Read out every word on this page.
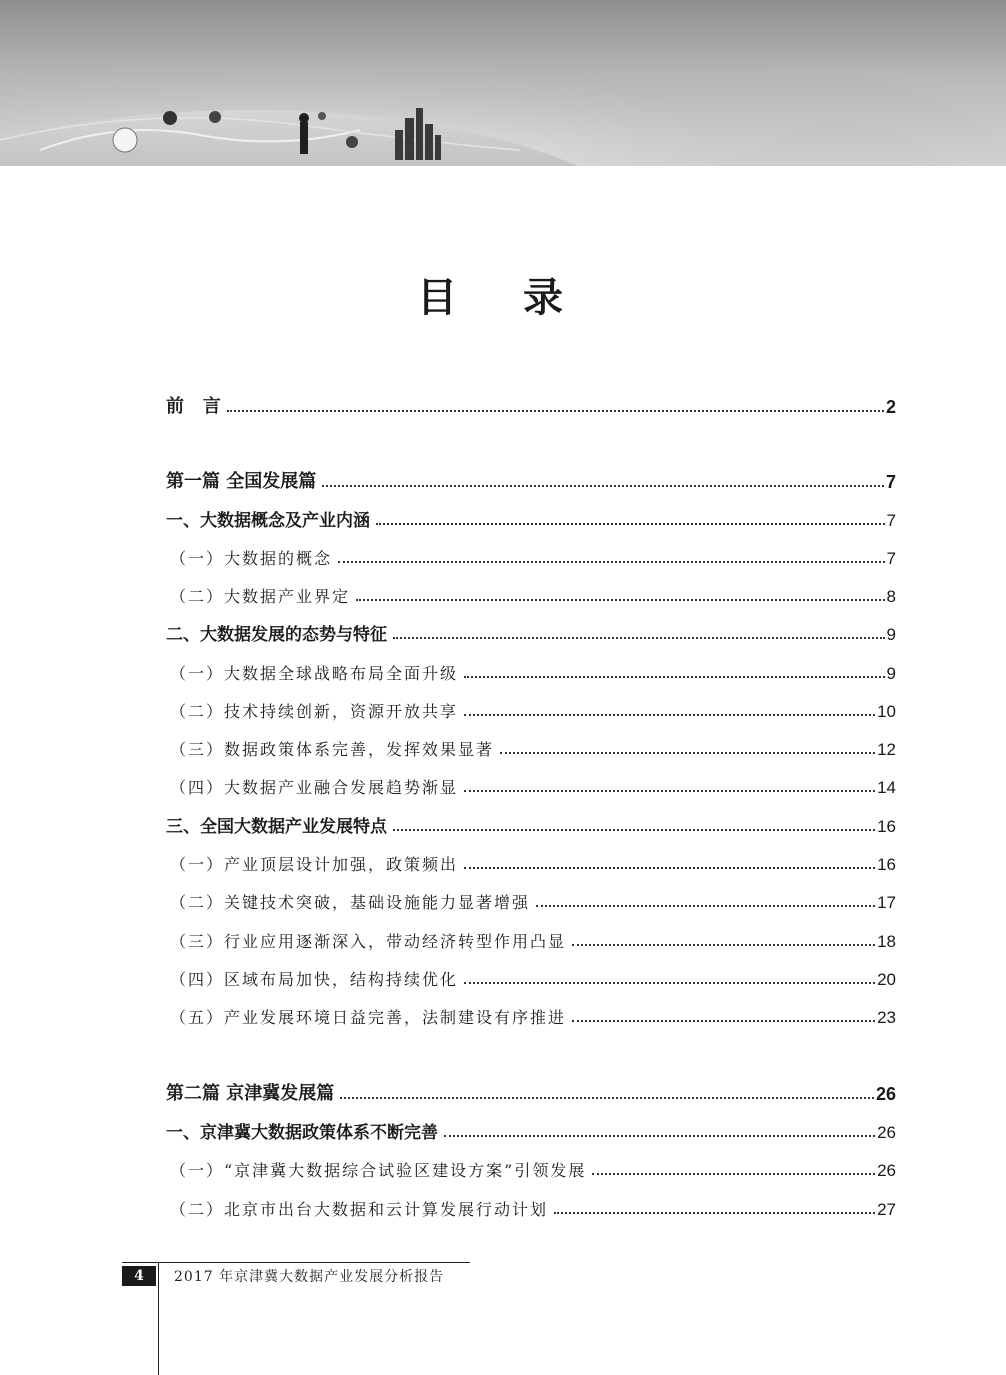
目 录
前   言	2
第一篇 全国发展篇	7
一、大数据概念及产业内涵	7
（一）大数据的概念	7
（二）大数据产业界定	8
二、大数据发展的态势与特征	9
（一）大数据全球战略布局全面升级	9
（二）技术持续创新，资源开放共享	10
（三）数据政策体系完善，发挥效果显著	12
（四）大数据产业融合发展趋势渐显	14
三、全国大数据产业发展特点	16
（一）产业顶层设计加强，政策频出	16
（二）关键技术突破，基础设施能力显著增强	17
（三）行业应用逐渐深入，带动经济转型作用凸显	18
（四）区域布局加快，结构持续优化	20
（五）产业发展环境日益完善，法制建设有序推进	23
第二篇 京津冀发展篇	26
一、京津冀大数据政策体系不断完善	26
（一）“京津冀大数据综合试验区建设方案”引领发展	26
（二）北京市出台大数据和云计算发展行动计划	27
4	2017 年京津冀大数据产业发展分析报告
